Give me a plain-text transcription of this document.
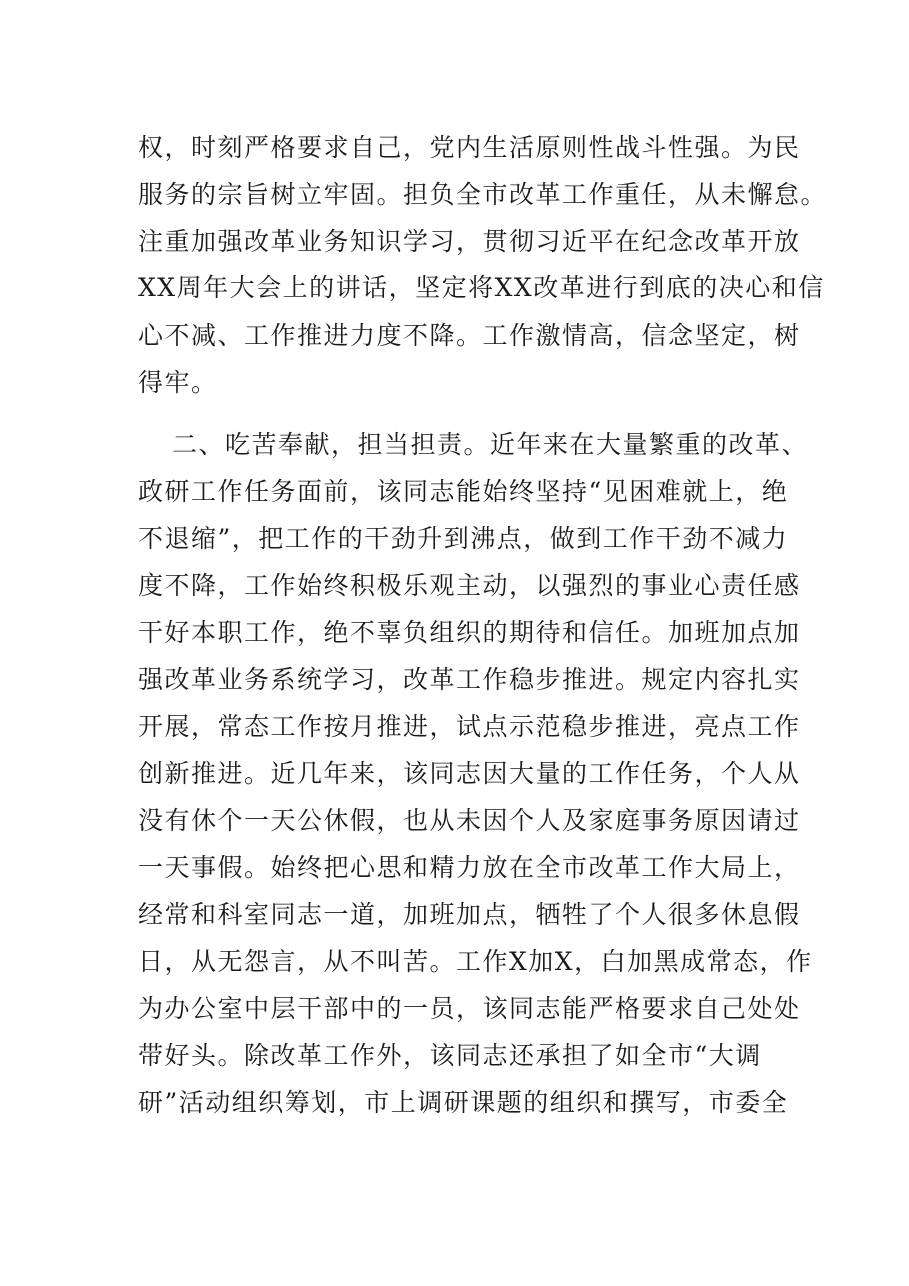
权，时刻严格要求自己，党内生活原则性战斗性强。为民
服务的宗旨树立牢固。担负全市改革工作重任，从未懈怠。
注重加强改革业务知识学习，贯彻习近平在纪念改革开放
XX周年大会上的讲话，坚定将XX改革进行到底的决心和信
心不减、工作推进力度不降。工作激情高，信念坚定，树
得牢。
二、吃苦奉献，担当担责。近年来在大量繁重的改革、
政研工作任务面前，该同志能始终坚持“见困难就上，绝
不退缩”，把工作的干劲升到沸点，做到工作干劲不减力
度不降，工作始终积极乐观主动，以强烈的事业心责任感
干好本职工作，绝不辜负组织的期待和信任。加班加点加
强改革业务系统学习，改革工作稳步推进。规定内容扎实
开展，常态工作按月推进，试点示范稳步推进，亮点工作
创新推进。近几年来，该同志因大量的工作任务，个人从
没有休个一天公休假，也从未因个人及家庭事务原因请过
一天事假。始终把心思和精力放在全市改革工作大局上，
经常和科室同志一道，加班加点，牺牲了个人很多休息假
日，从无怨言，从不叫苦。工作X加X，白加黑成常态，作
为办公室中层干部中的一员，该同志能严格要求自己处处
带好头。除改革工作外，该同志还承担了如全市“大调
研”活动组织筹划，市上调研课题的组织和撰写，市委全
